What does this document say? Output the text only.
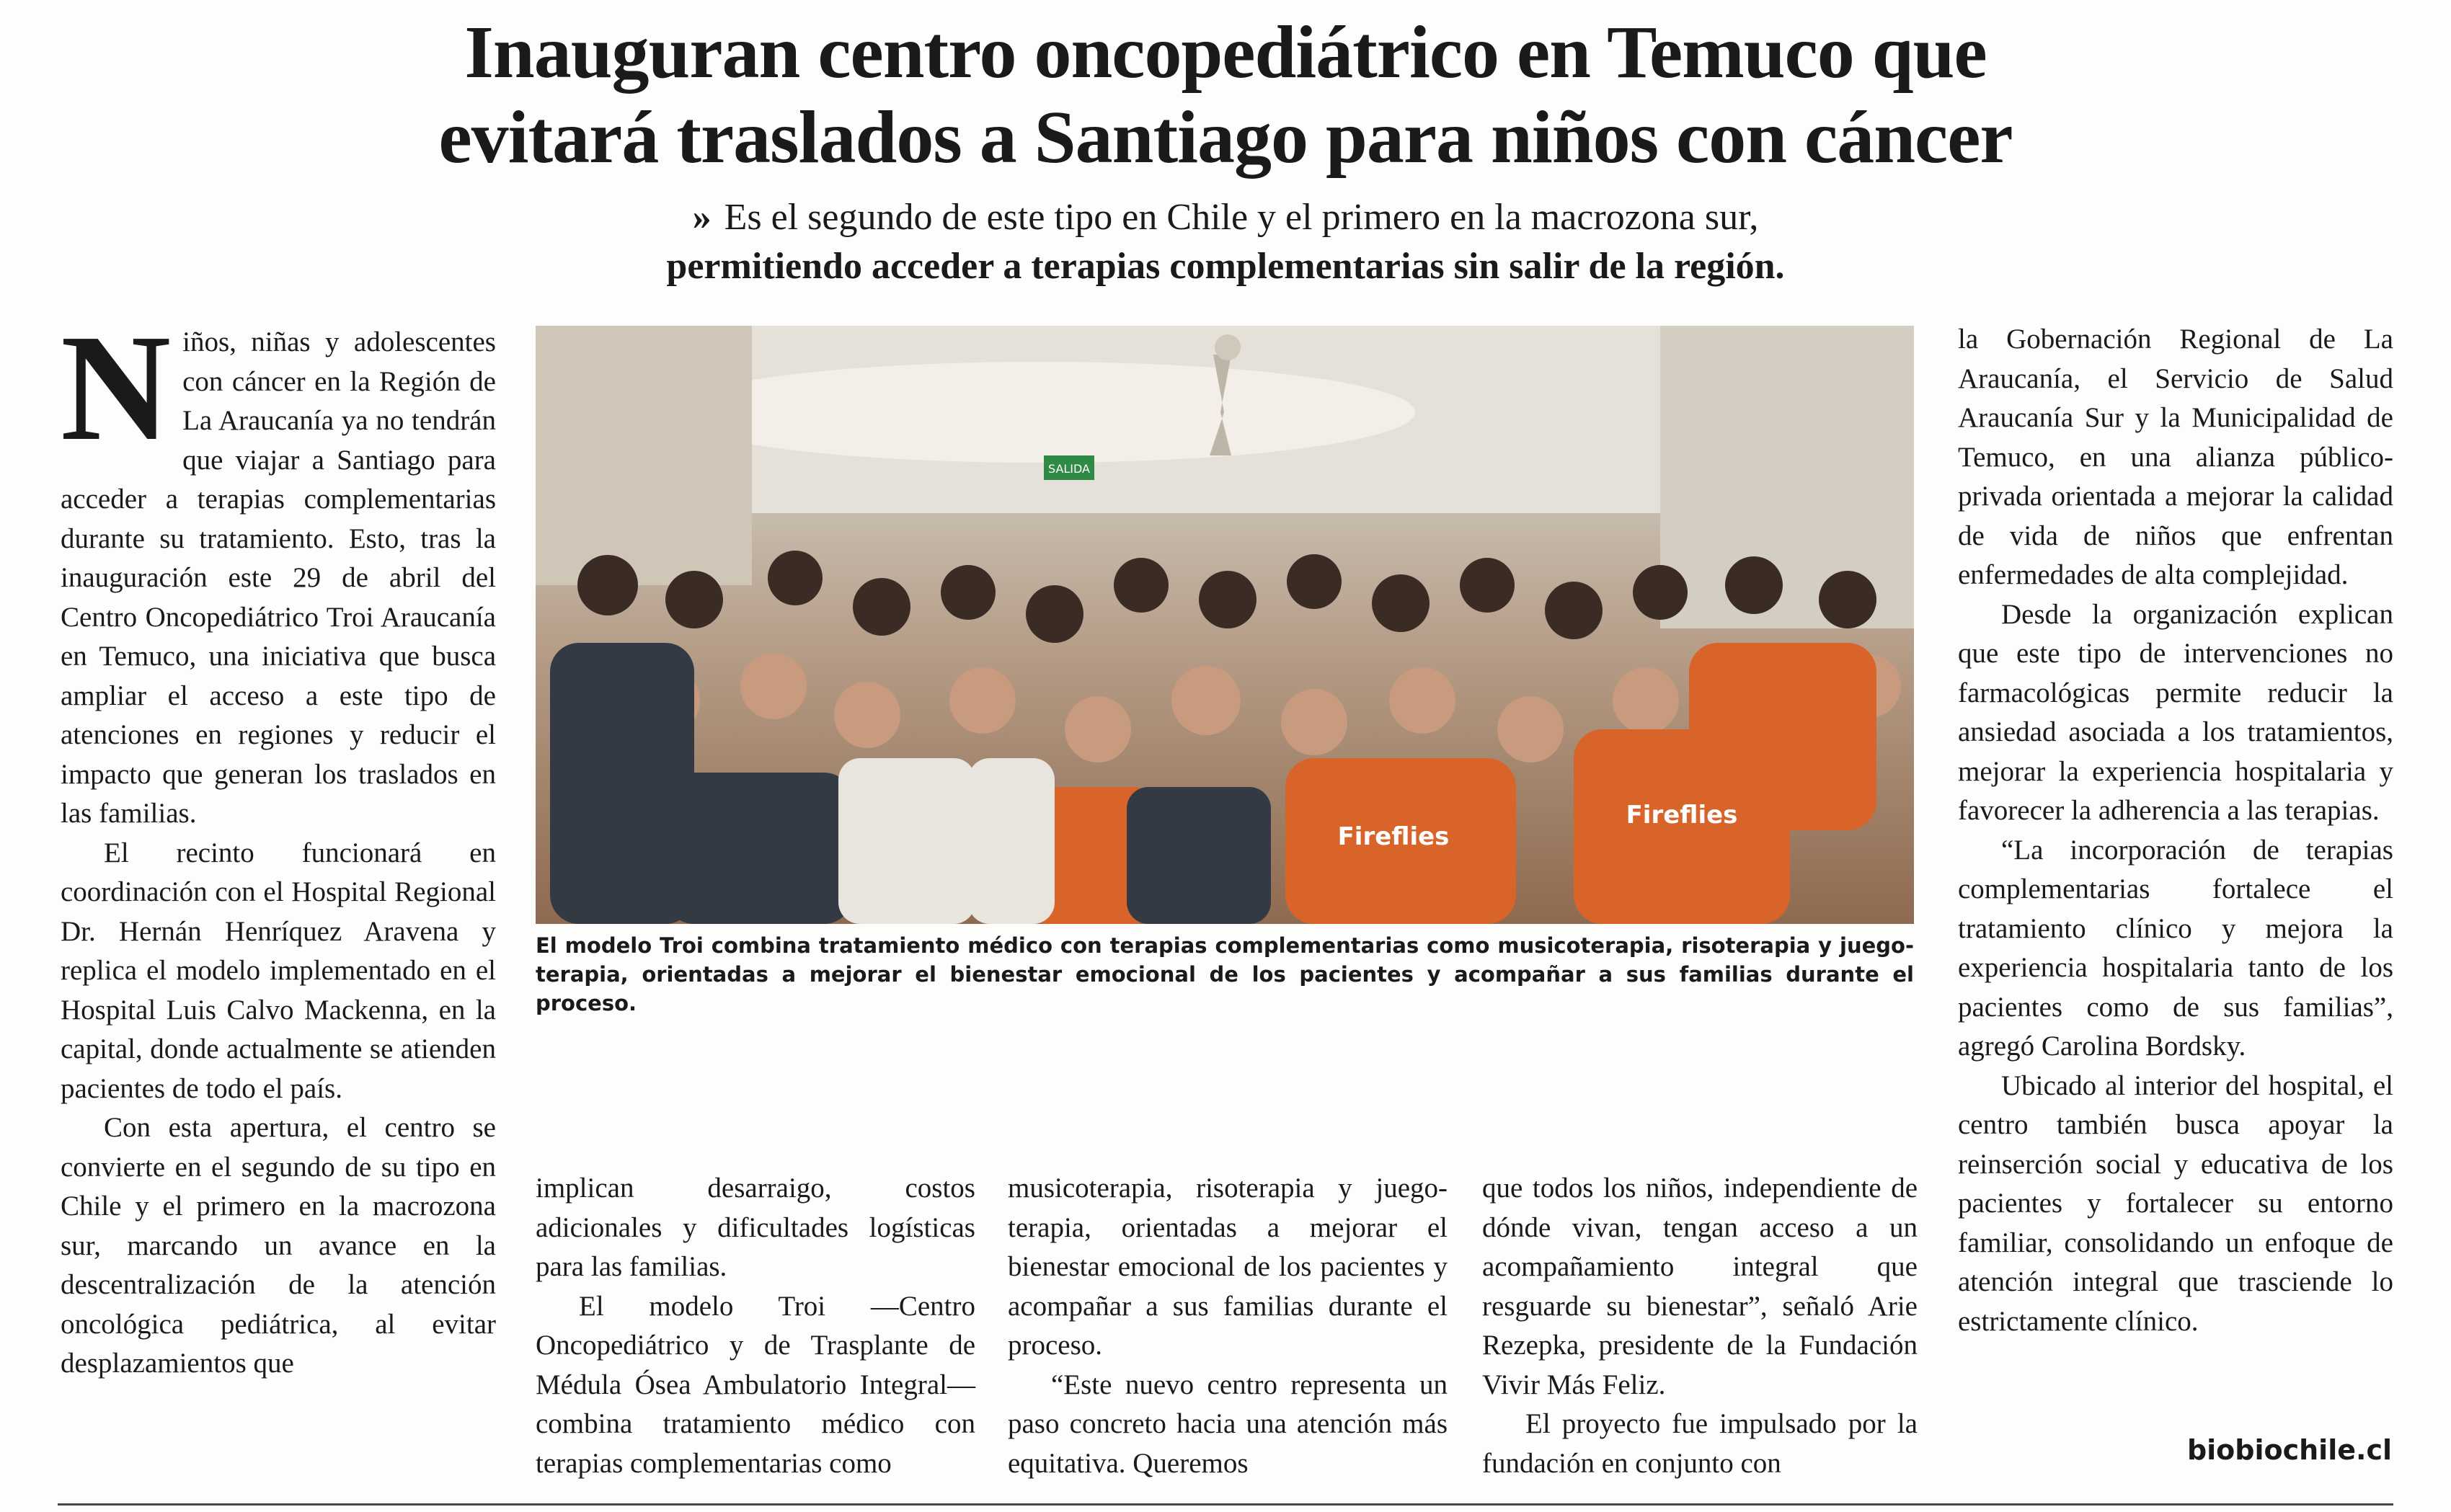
Inauguran centro oncopediátrico en Temuco que
evitará traslados a Santiago para niños con cáncer
» Es el segundo de este tipo en Chile y el primero en la macrozona sur,
permitiendo acceder a terapias complementarias sin salir de la región.

Niños, niñas y adolescentes con cáncer en la Región de La Araucanía ya no tendrán que viajar a Santiago para acceder a terapias complementarias durante su tratamiento. Esto, tras la inauguración este 29 de abril del Centro Oncopediátrico Troi Araucanía en Temuco, una iniciativa que busca ampliar el acceso a este tipo de atenciones en regiones y reducir el impacto que generan los traslados en las familias.

El recinto funcionará en coordinación con el Hospital Regional Dr. Hernán Henríquez Aravena y replica el modelo implementado en el Hospital Luis Calvo Mackenna, en la capital, donde actualmente se atienden pacientes de todo el país.

Con esta apertura, el centro se convierte en el segundo de su tipo en Chile y el primero en la macrozona sur, marcando un avance en la descentralización de la atención oncológica pediátrica, al evitar desplazamientos que

SALIDA
Fireflies
Fireflies
El modelo Troi combina tratamiento médico con terapias complementarias como musicoterapia, risoterapia y juego-terapia, orientadas a mejorar el bienestar emocional de los pacientes y acompañar a sus familias durante el proceso.

implican desarraigo, costos adicionales y dificultades logísticas para las familias.

El modelo Troi —Centro Oncopediátrico y de Trasplante de Médula Ósea Ambulatorio Integral— combina tratamiento médico con terapias complementarias como

musicoterapia, risoterapia y juego-terapia, orientadas a mejorar el bienestar emocional de los pacientes y acompañar a sus familias durante el proceso.

“Este nuevo centro representa un paso concreto hacia una atención más equitativa. Queremos

que todos los niños, independiente de dónde vivan, tengan acceso a un acompañamiento integral que resguarde su bienestar”, señaló Arie Rezepka, presidente de la Fundación Vivir Más Feliz.

El proyecto fue impulsado por la fundación en conjunto con

la Gobernación Regional de La Araucanía, el Servicio de Salud Araucanía Sur y la Municipalidad de Temuco, en una alianza público-privada orientada a mejorar la calidad de vida de niños que enfrentan enfermedades de alta complejidad.

Desde la organización explican que este tipo de intervenciones no farmacológicas permite reducir la ansiedad asociada a los tratamientos, mejorar la experiencia hospitalaria y favorecer la adherencia a las terapias.

“La incorporación de terapias complementarias fortalece el tratamiento clínico y mejora la experiencia hospitalaria tanto de los pacientes como de sus familias”, agregó Carolina Bordsky.

Ubicado al interior del hospital, el centro también busca apoyar la reinserción social y educativa de los pacientes y fortalecer su entorno familiar, consolidando un enfoque de atención integral que trasciende lo estrictamente clínico.

biobiochile.cl
